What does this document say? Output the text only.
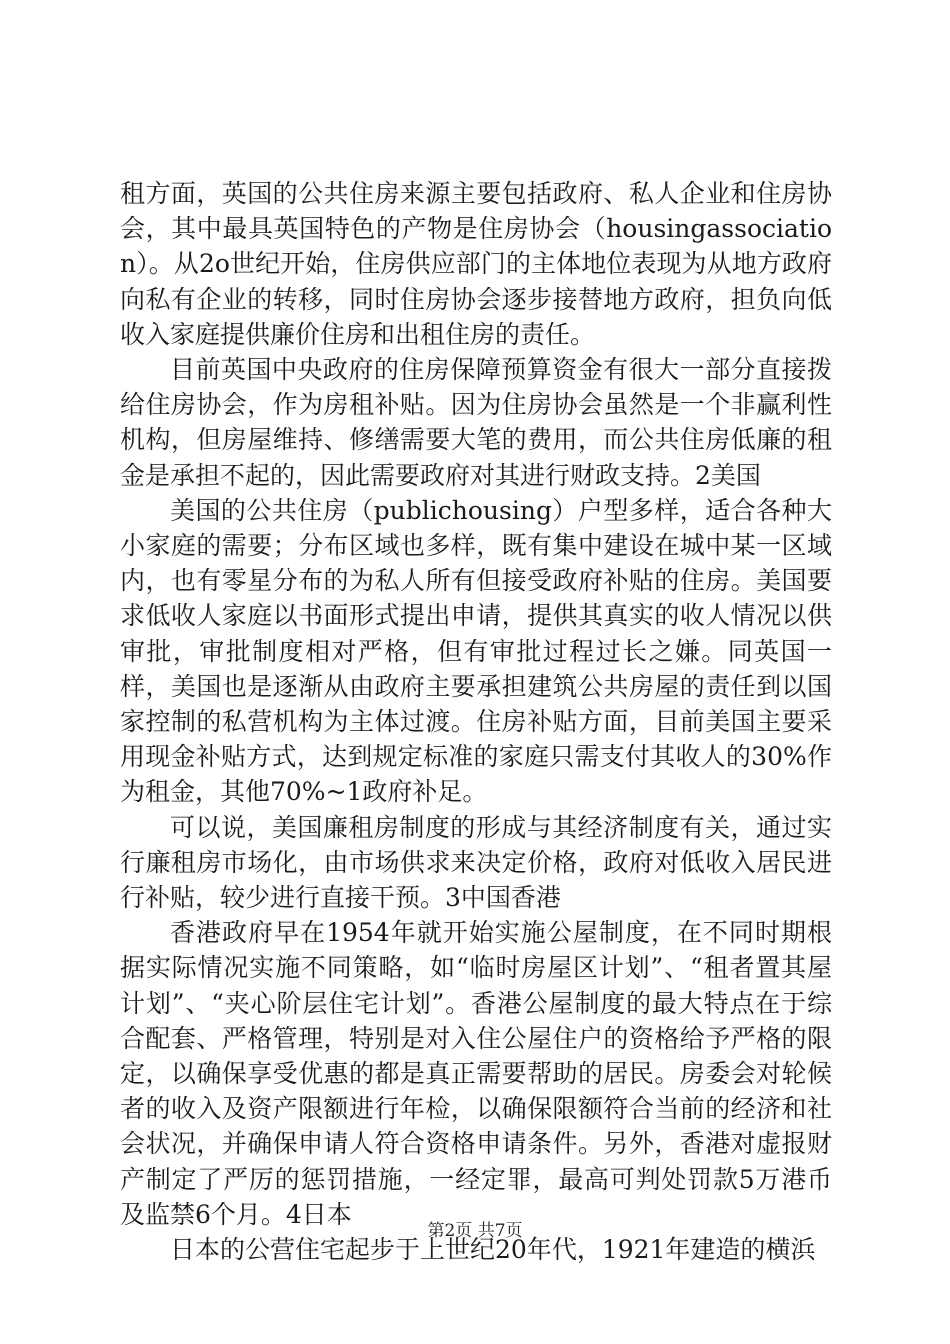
租方面，英国的公共住房来源主要包括政府、私人企业和住房协会，其中最具英国特色的产物是住房协会（housingassociation）。从2o世纪开始，住房供应部门的主体地位表现为从地方政府向私有企业的转移，同时住房协会逐步接替地方政府，担负向低收入家庭提供廉价住房和出租住房的责任。

目前英国中央政府的住房保障预算资金有很大一部分直接拨给住房协会，作为房租补贴。因为住房协会虽然是一个非赢利性机构，但房屋维持、修缮需要大笔的费用，而公共住房低廉的租金是承担不起的，因此需要政府对其进行财政支持。2美国

美国的公共住房（publichousing）户型多样，适合各种大小家庭的需要；分布区域也多样，既有集中建设在城中某一区域内，也有零星分布的为私人所有但接受政府补贴的住房。美国要求低收人家庭以书面形式提出申请，提供其真实的收人情况以供审批，审批制度相对严格，但有审批过程过长之嫌。同英国一样，美国也是逐渐从由政府主要承担建筑公共房屋的责任到以国家控制的私营机构为主体过渡。住房补贴方面，目前美国主要采用现金补贴方式，达到规定标准的家庭只需支付其收人的30%作为租金，其他70%~1政府补足。

可以说，美国廉租房制度的形成与其经济制度有关，通过实行廉租房市场化，由市场供求来决定价格，政府对低收入居民进行补贴，较少进行直接干预。3中国香港

香港政府早在1954年就开始实施公屋制度，在不同时期根据实际情况实施不同策略，如“临时房屋区计划”、“租者置其屋计划”、“夹心阶层住宅计划”。香港公屋制度的最大特点在于综合配套、严格管理，特别是对入住公屋住户的资格给予严格的限定，以确保享受优惠的都是真正需要帮助的居民。房委会对轮候者的收入及资产限额进行年检，以确保限额符合当前的经济和社会状况，并确保申请人符合资格申请条件。另外，香港对虚报财产制定了严厉的惩罚措施，一经定罪，最高可判处罚款5万港币及监禁6个月。4日本

日本的公营住宅起步于上世纪20年代，1921年建造的横浜

第2页 共7页
